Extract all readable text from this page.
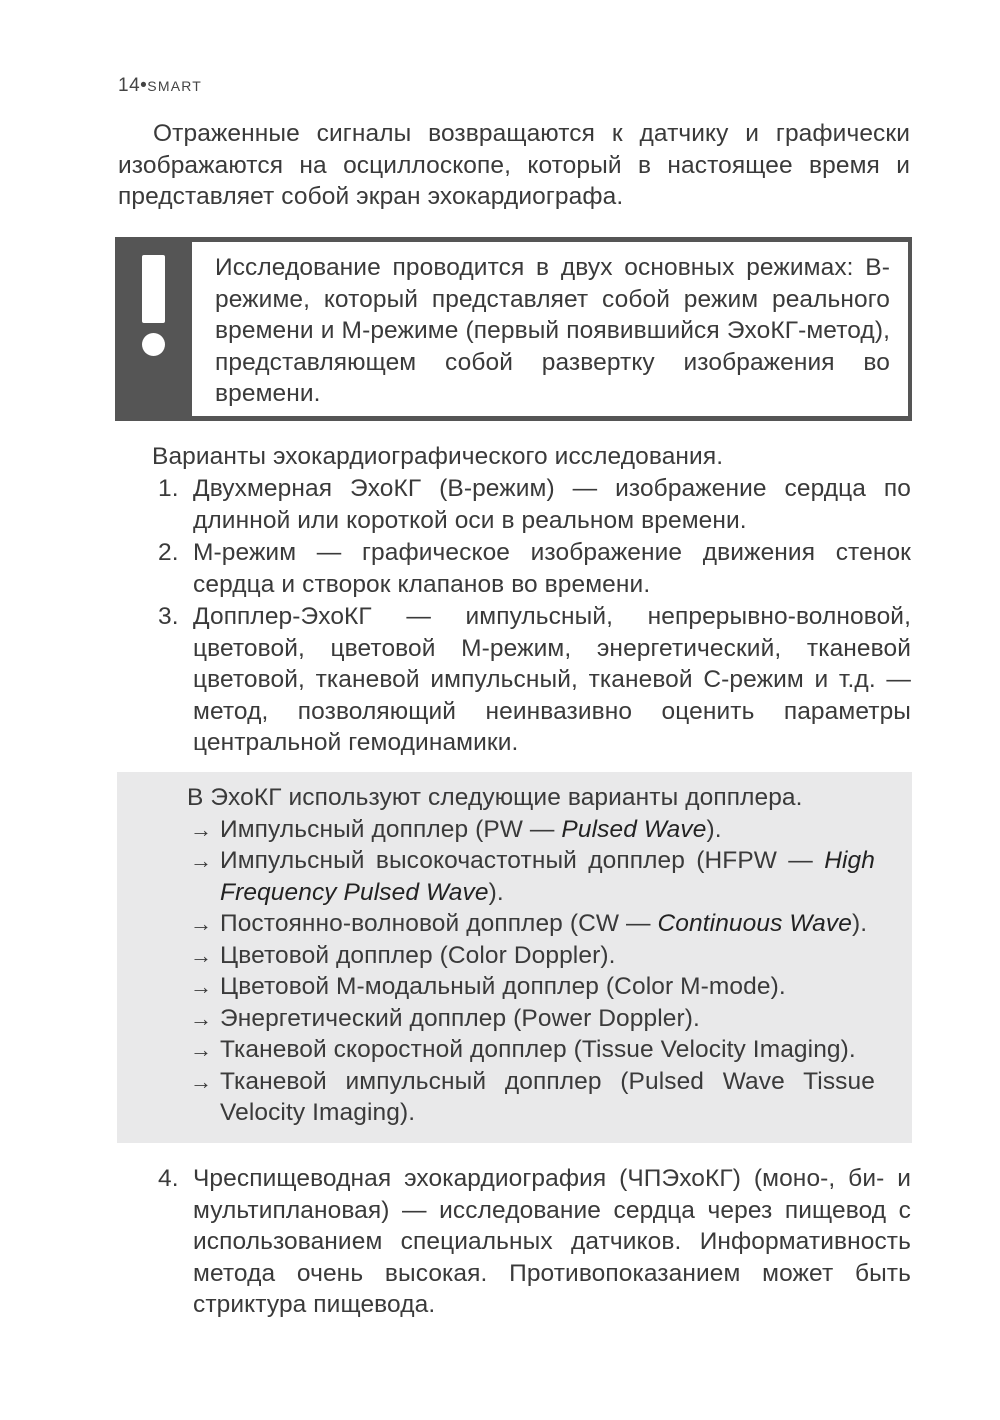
14•SMART

Отраженные сигналы возвращаются к датчику и графически изображаются на осциллоскопе, который в настоящее время и представляет собой экран эхокардиографа.

Исследование проводится в двух основных режимах: B-режиме, который представляет собой режим реального времени и М-режиме (первый появившийся ЭхоКГ-метод), представляющем собой развертку изображения во времени.

Варианты эхокардиографического исследования.

1. Двухмерная ЭхоКГ (B-режим) — изображение сердца по длинной или короткой оси в реальном времени.
2. М-режим — графическое изображение движения стенок сердца и створок клапанов во времени.
3. Допплер-ЭхоКГ — импульсный, непрерывно-волновой, цветовой, цветовой М-режим, энергетический, тканевой цветовой, тканевой импульсный, тканевой С-режим и т.д. — метод, позволяющий неинвазивно оценить параметры центральной гемодинамики.

В ЭхоКГ используют следующие варианты допплера.

→ Импульсный допплер (PW — Pulsed Wave).
→ Импульсный высокочастотный допплер (HFPW — High Frequency Pulsed Wave).
→ Постоянно-волновой допплер (CW — Continuous Wave).
→ Цветовой допплер (Color Doppler).
→ Цветовой М-модальный допплер (Color M-mode).
→ Энергетический допплер (Power Doppler).
→ Тканевой скоростной допплер (Tissue Velocity Imaging).
→ Тканевой импульсный допплер (Pulsed Wave Tissue Velocity Imaging).
4. Чреспищеводная эхокардиография (ЧПЭхоКГ) (моно-, би- и мультиплановая) — исследование сердца через пищевод с использованием специальных датчиков. Информативность метода очень высокая. Противопоказанием может быть стриктура пищевода.
